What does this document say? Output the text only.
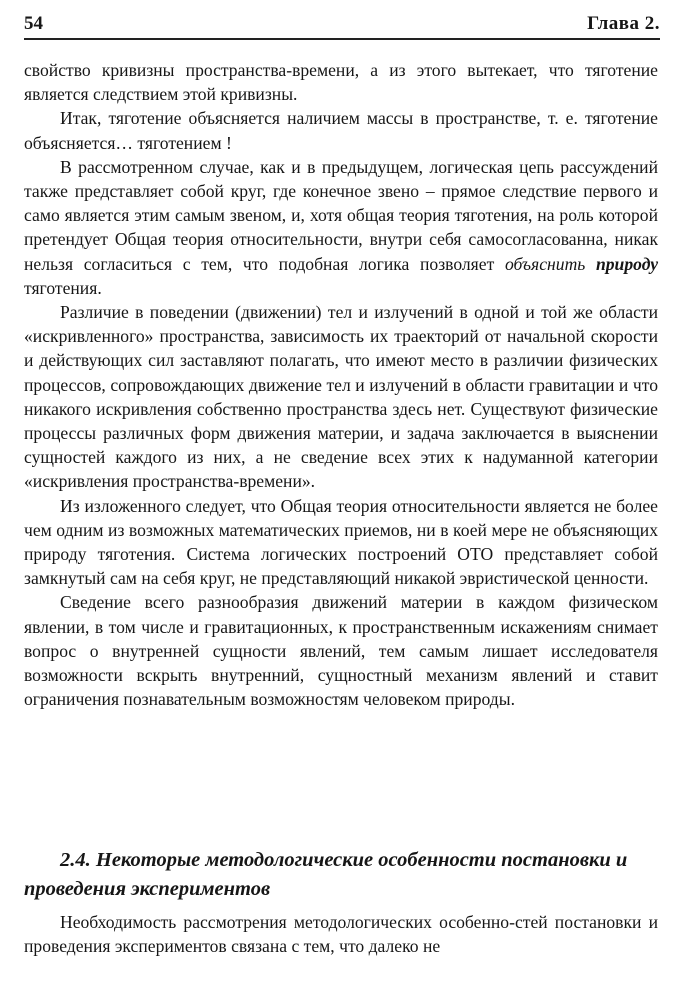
54	Глава 2.

свойство кривизны пространства-времени, а из этого вытекает, что тяготение является следствием этой кривизны.

Итак, тяготение объясняется наличием массы в пространстве, т. е. тяготение объясняется… тяготением !

В рассмотренном случае, как и в предыдущем, логическая цепь рассуждений также представляет собой круг, где конечное звено – прямое следствие первого и само является этим самым звеном, и, хотя общая теория тяготения, на роль которой претендует Общая теория относительности, внутри себя самосогласованна, никак нельзя согласиться с тем, что подобная логика позволяет объяснить природу тяготения.

Различие в поведении (движении) тел и излучений в одной и той же области «искривленного» пространства, зависимость их траекторий от начальной скорости и действующих сил заставляют полагать, что имеют место в различии физических процессов, сопровождающих движение тел и излучений в области гравитации и что никакого искривления собственно пространства здесь нет. Существуют физические процессы различных форм движения материи, и задача заключается в выяснении сущностей каждого из них, а не сведение всех этих к надуманной категории «искривления пространства-времени».

Из изложенного следует, что Общая теория относительности является не более чем одним из возможных математических приемов, ни в коей мере не объясняющих природу тяготения. Система логических построений ОТО представляет собой замкнутый сам на себя круг, не представляющий никакой эвристической ценности.

Сведение всего разнообразия движений материи в каждом физическом явлении, в том числе и гравитационных, к пространственным искажениям снимает вопрос о внутренней сущности явлений, тем самым лишает исследователя возможности вскрыть внутренний, сущностный механизм явлений и ставит ограничения познавательным возможностям человеком природы.

2.4. Некоторые методологические особенности постановки и проведения экспериментов

Необходимость рассмотрения методологических особенно-стей постановки и проведения экспериментов связана с тем, что далеко не
